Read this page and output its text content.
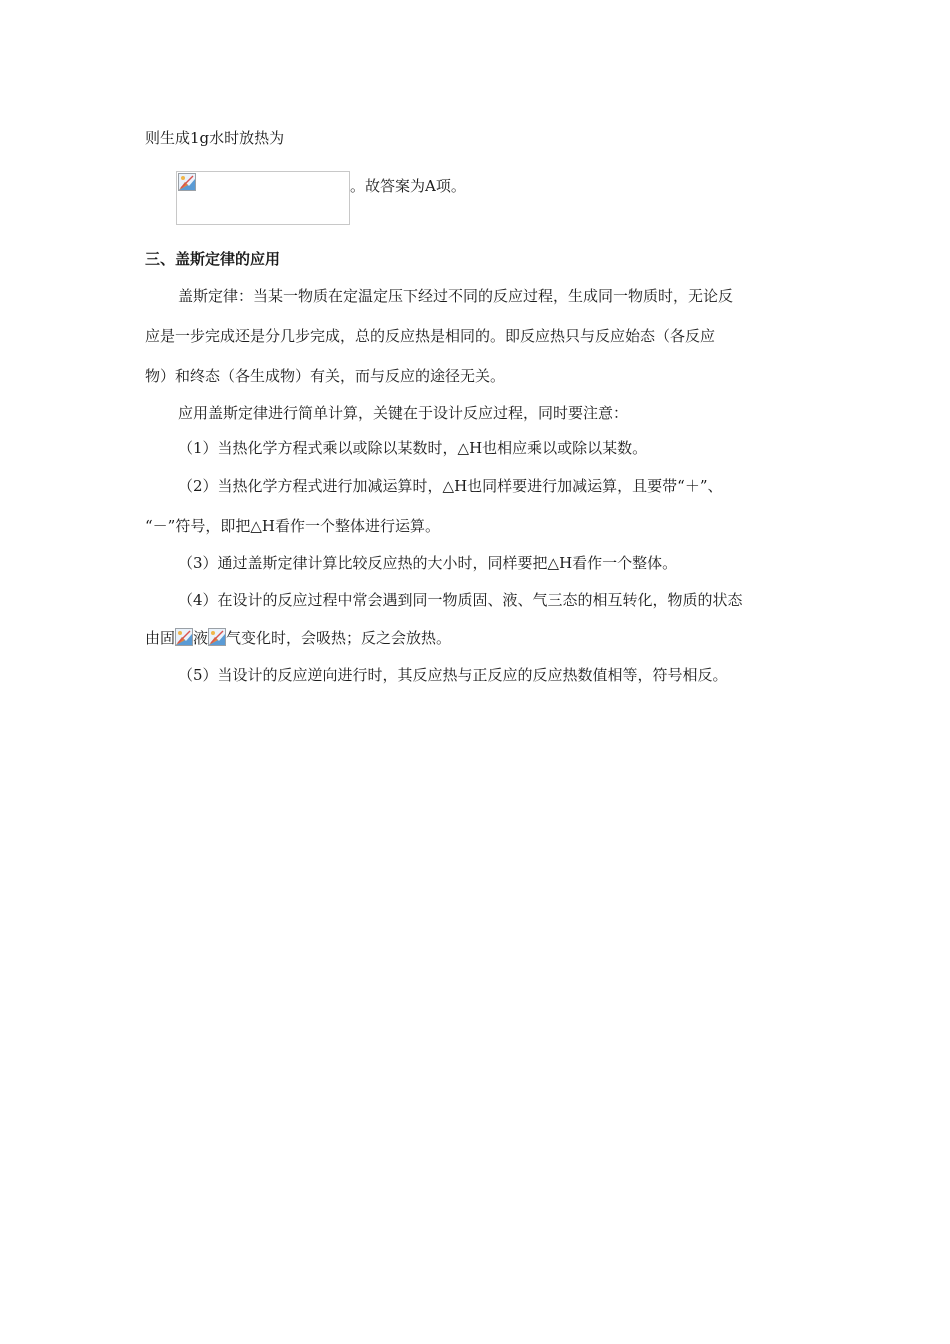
则生成1g水时放热为
。故答案为A项。
三、盖斯定律的应用
盖斯定律：当某一物质在定温定压下经过不同的反应过程，生成同一物质时，无论反
应是一步完成还是分几步完成，总的反应热是相同的。即反应热只与反应始态（各反应
物）和终态（各生成物）有关，而与反应的途径无关。
应用盖斯定律进行简单计算，关键在于设计反应过程，同时要注意：
（1）当热化学方程式乘以或除以某数时，△H也相应乘以或除以某数。
（2）当热化学方程式进行加减运算时，△H也同样要进行加减运算，且要带“＋”、
“－”符号，即把△H看作一个整体进行运算。
（3）通过盖斯定律计算比较反应热的大小时，同样要把△H看作一个整体。
（4）在设计的反应过程中常会遇到同一物质固、液、气三态的相互转化，物质的状态
由固 液 气变化时，会吸热；反之会放热。
（5）当设计的反应逆向进行时，其反应热与正反应的反应热数值相等，符号相反。
